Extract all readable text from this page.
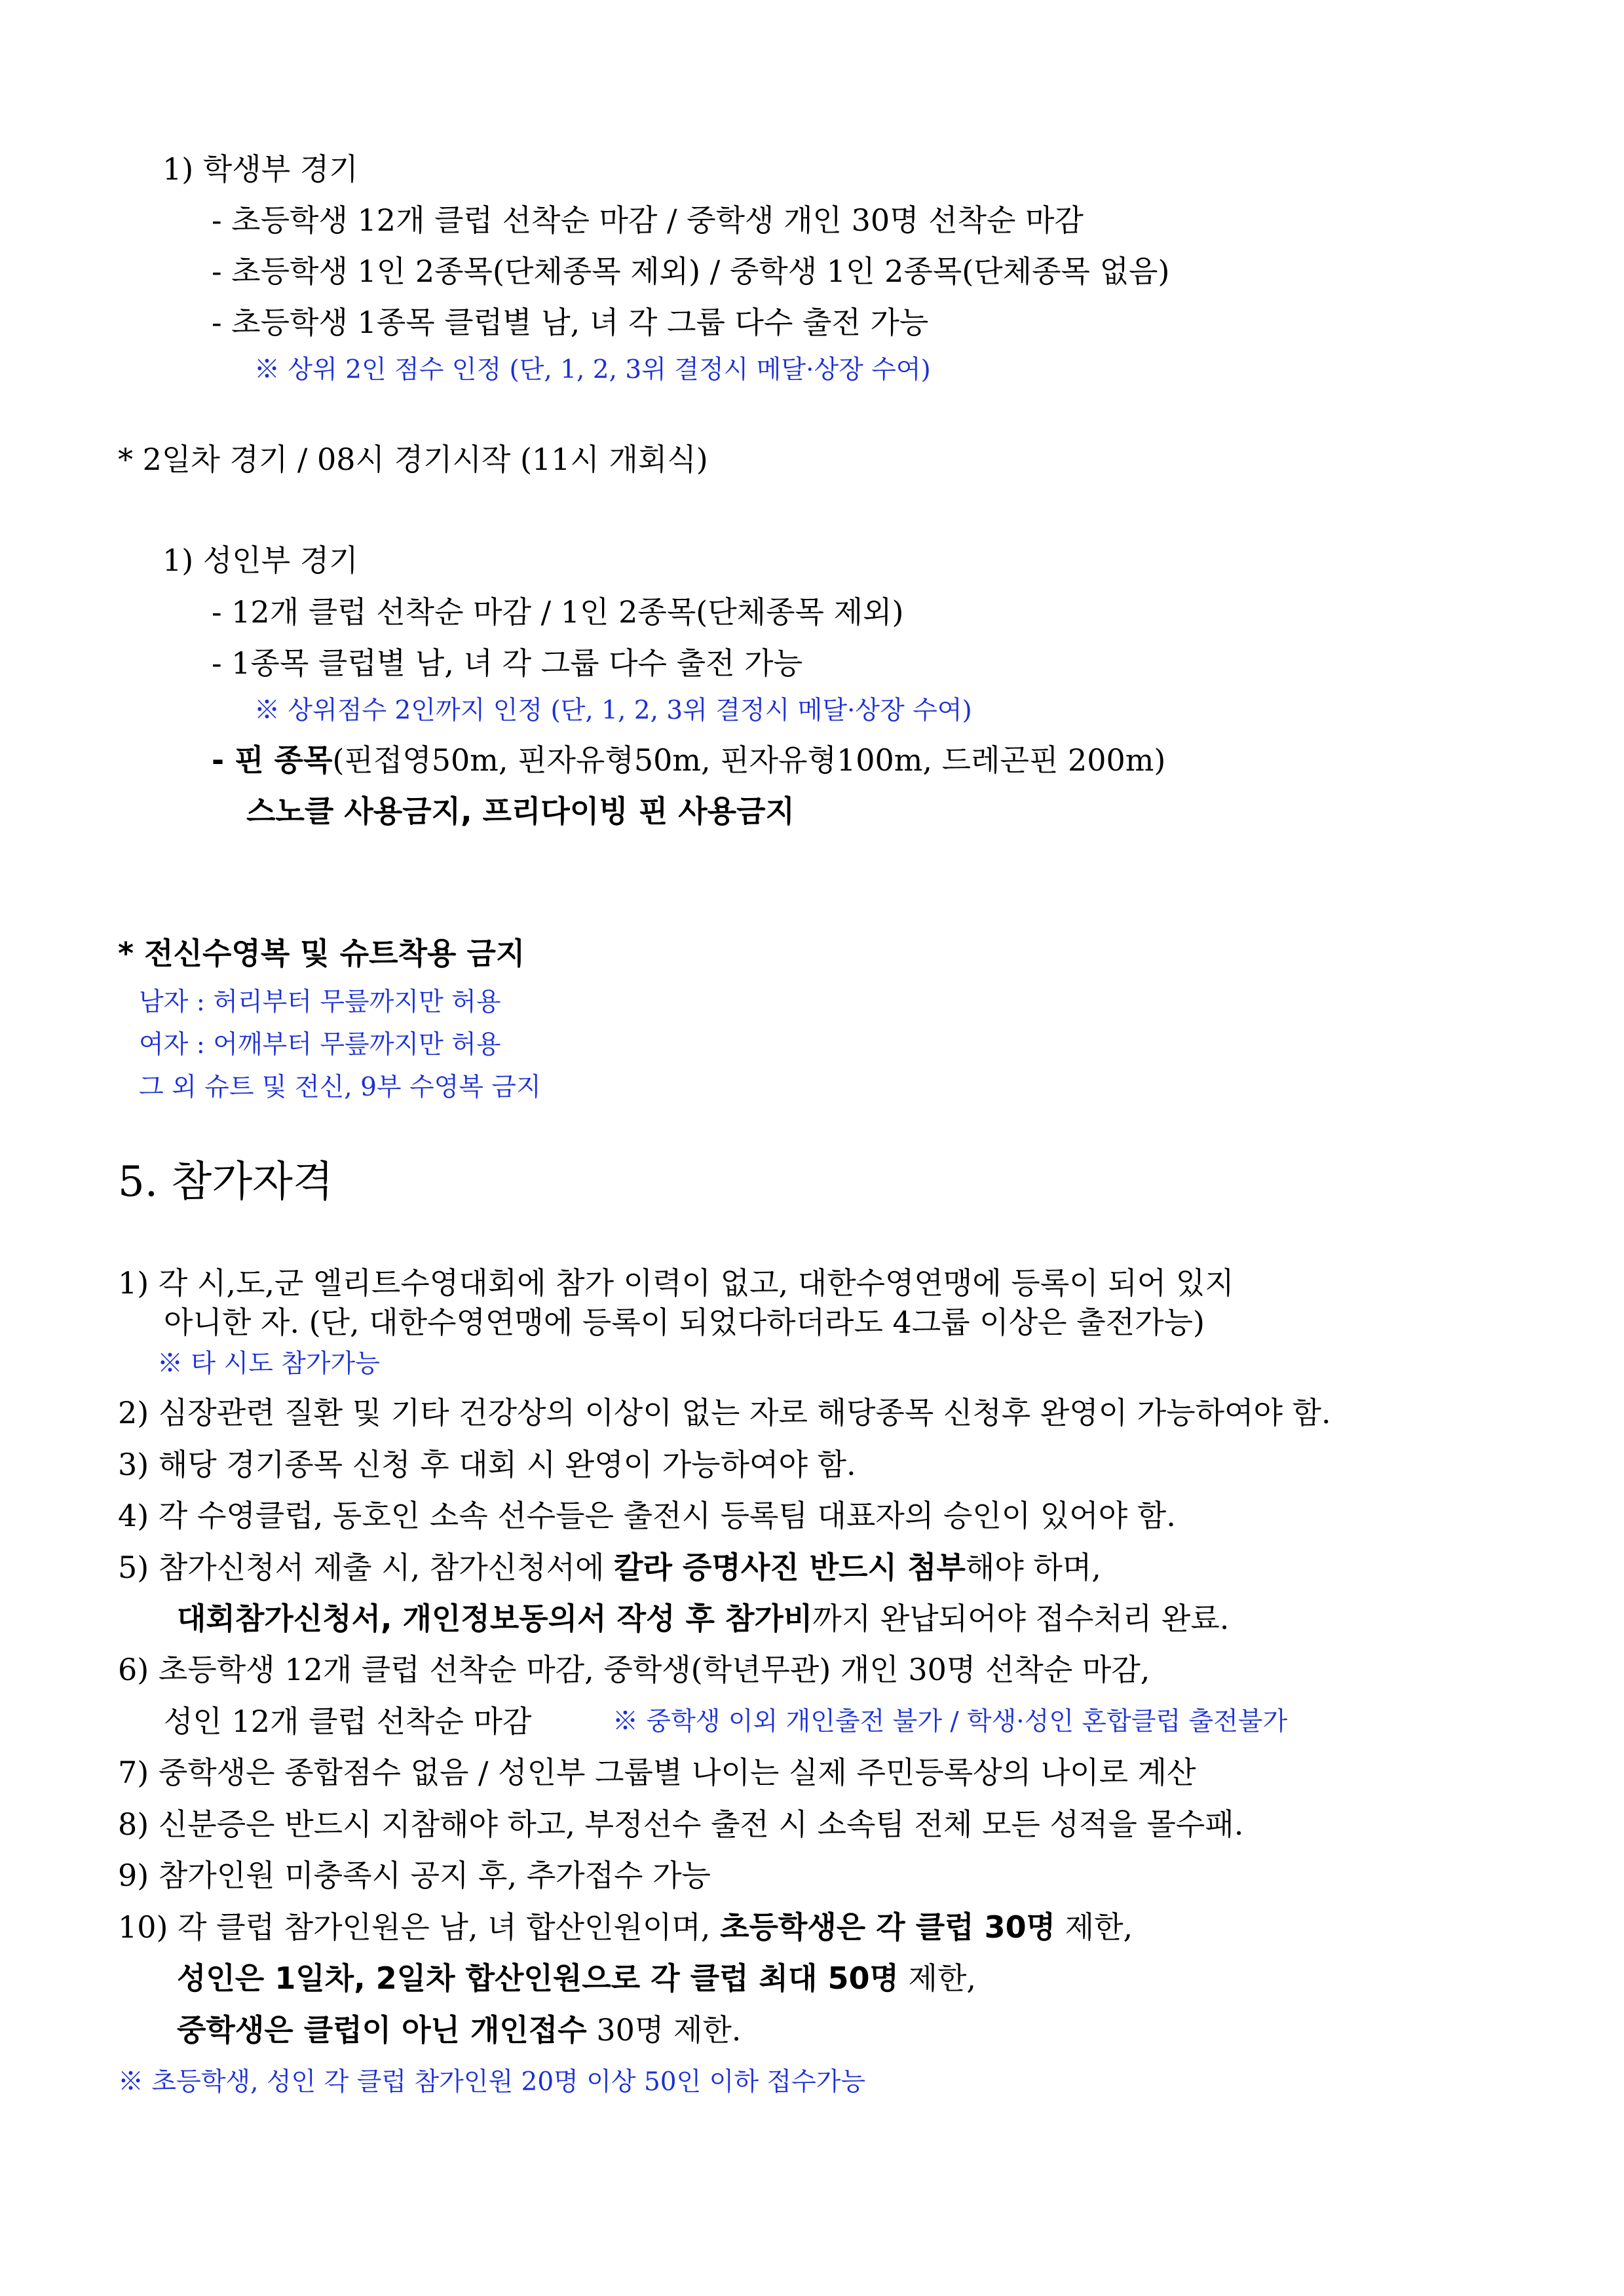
1) 학생부 경기
- 초등학생 12개 클럽 선착순 마감 / 중학생 개인 30명 선착순 마감
- 초등학생 1인 2종목(단체종목 제외) / 중학생 1인 2종목(단체종목 없음)
- 초등학생 1종목 클럽별 남, 녀 각 그룹 다수 출전 가능
※ 상위 2인 점수 인정 (단, 1, 2, 3위 결정시 메달·상장 수여)
* 2일차 경기 / 08시 경기시작 (11시 개회식)
1) 성인부 경기
- 12개 클럽 선착순 마감 / 1인 2종목(단체종목 제외)
- 1종목 클럽별 남, 녀 각 그룹 다수 출전 가능
※ 상위점수 2인까지 인정 (단, 1, 2, 3위 결정시 메달·상장 수여)
- 핀 종목(핀접영50m, 핀자유형50m, 핀자유형100m, 드레곤핀 200m)
스노클 사용금지, 프리다이빙 핀 사용금지
* 전신수영복 및 슈트착용 금지
남자 : 허리부터 무릎까지만 허용
여자 : 어깨부터 무릎까지만 허용
그 외 슈트 및 전신, 9부 수영복 금지
5. 참가자격
1) 각 시,도,군 엘리트수영대회에 참가 이력이 없고, 대한수영연맹에 등록이 되어 있지
아니한 자. (단, 대한수영연맹에 등록이 되었다하더라도 4그룹 이상은 출전가능)
※ 타 시도 참가가능
2) 심장관련 질환 및 기타 건강상의 이상이 없는 자로 해당종목 신청후 완영이 가능하여야 함.
3) 해당 경기종목 신청 후 대회 시 완영이 가능하여야 함.
4) 각 수영클럽, 동호인 소속 선수들은 출전시 등록팀 대표자의 승인이 있어야 함.
5) 참가신청서 제출 시, 참가신청서에 칼라 증명사진 반드시 첨부해야 하며,
대회참가신청서, 개인정보동의서 작성 후 참가비까지 완납되어야 접수처리 완료.
6) 초등학생 12개 클럽 선착순 마감, 중학생(학년무관) 개인 30명 선착순 마감,
성인 12개 클럽 선착순 마감	※ 중학생 이외 개인출전 불가 / 학생·성인 혼합클럽 출전불가
7) 중학생은 종합점수 없음 / 성인부 그룹별 나이는 실제 주민등록상의 나이로 계산
8) 신분증은 반드시 지참해야 하고, 부정선수 출전 시 소속팀 전체 모든 성적을 몰수패.
9) 참가인원 미충족시 공지 후, 추가접수 가능
10) 각 클럽 참가인원은 남, 녀 합산인원이며, 초등학생은 각 클럽 30명 제한,
성인은 1일차, 2일차 합산인원으로 각 클럽 최대 50명 제한,
중학생은 클럽이 아닌 개인접수 30명 제한.
※ 초등학생, 성인 각 클럽 참가인원 20명 이상 50인 이하 접수가능
